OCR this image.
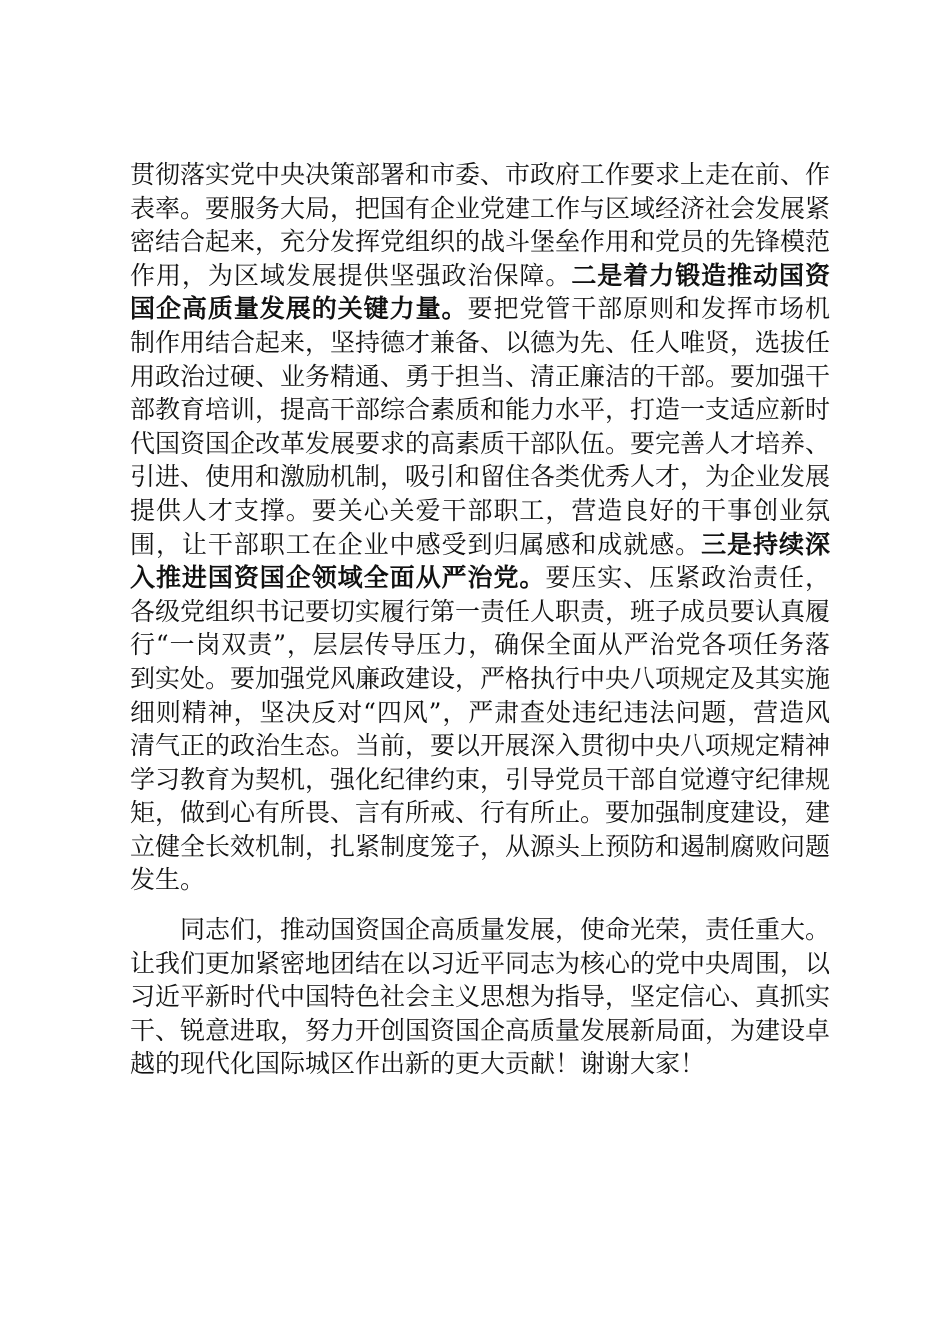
贯彻落实党中央决策部署和市委、市政府工作要求上走在前、作表率。要服务大局，把国有企业党建工作与区域经济社会发展紧密结合起来，充分发挥党组织的战斗堡垒作用和党员的先锋模范作用，为区域发展提供坚强政治保障。二是着力锻造推动国资国企高质量发展的关键力量。要把党管干部原则和发挥市场机制作用结合起来，坚持德才兼备、以德为先、任人唯贤，选拔任用政治过硬、业务精通、勇于担当、清正廉洁的干部。要加强干部教育培训，提高干部综合素质和能力水平，打造一支适应新时代国资国企改革发展要求的高素质干部队伍。要完善人才培养、引进、使用和激励机制，吸引和留住各类优秀人才，为企业发展提供人才支撑。要关心关爱干部职工，营造良好的干事创业氛围，让干部职工在企业中感受到归属感和成就感。三是持续深入推进国资国企领域全面从严治党。要压实、压紧政治责任，各级党组织书记要切实履行第一责任人职责，班子成员要认真履行“一岗双责”，层层传导压力，确保全面从严治党各项任务落到实处。要加强党风廉政建设，严格执行中央八项规定及其实施细则精神，坚决反对“四风”，严肃查处违纪违法问题，营造风清气正的政治生态。当前，要以开展深入贯彻中央八项规定精神学习教育为契机，强化纪律约束，引导党员干部自觉遵守纪律规矩，做到心有所畏、言有所戒、行有所止。要加强制度建设，建立健全长效机制，扎紧制度笼子，从源头上预防和遏制腐败问题发生。

同志们，推动国资国企高质量发展，使命光荣，责任重大。让我们更加紧密地团结在以习近平同志为核心的党中央周围，以习近平新时代中国特色社会主义思想为指导，坚定信心、真抓实干、锐意进取，努力开创国资国企高质量发展新局面，为建设卓越的现代化国际城区作出新的更大贡献！谢谢大家！
